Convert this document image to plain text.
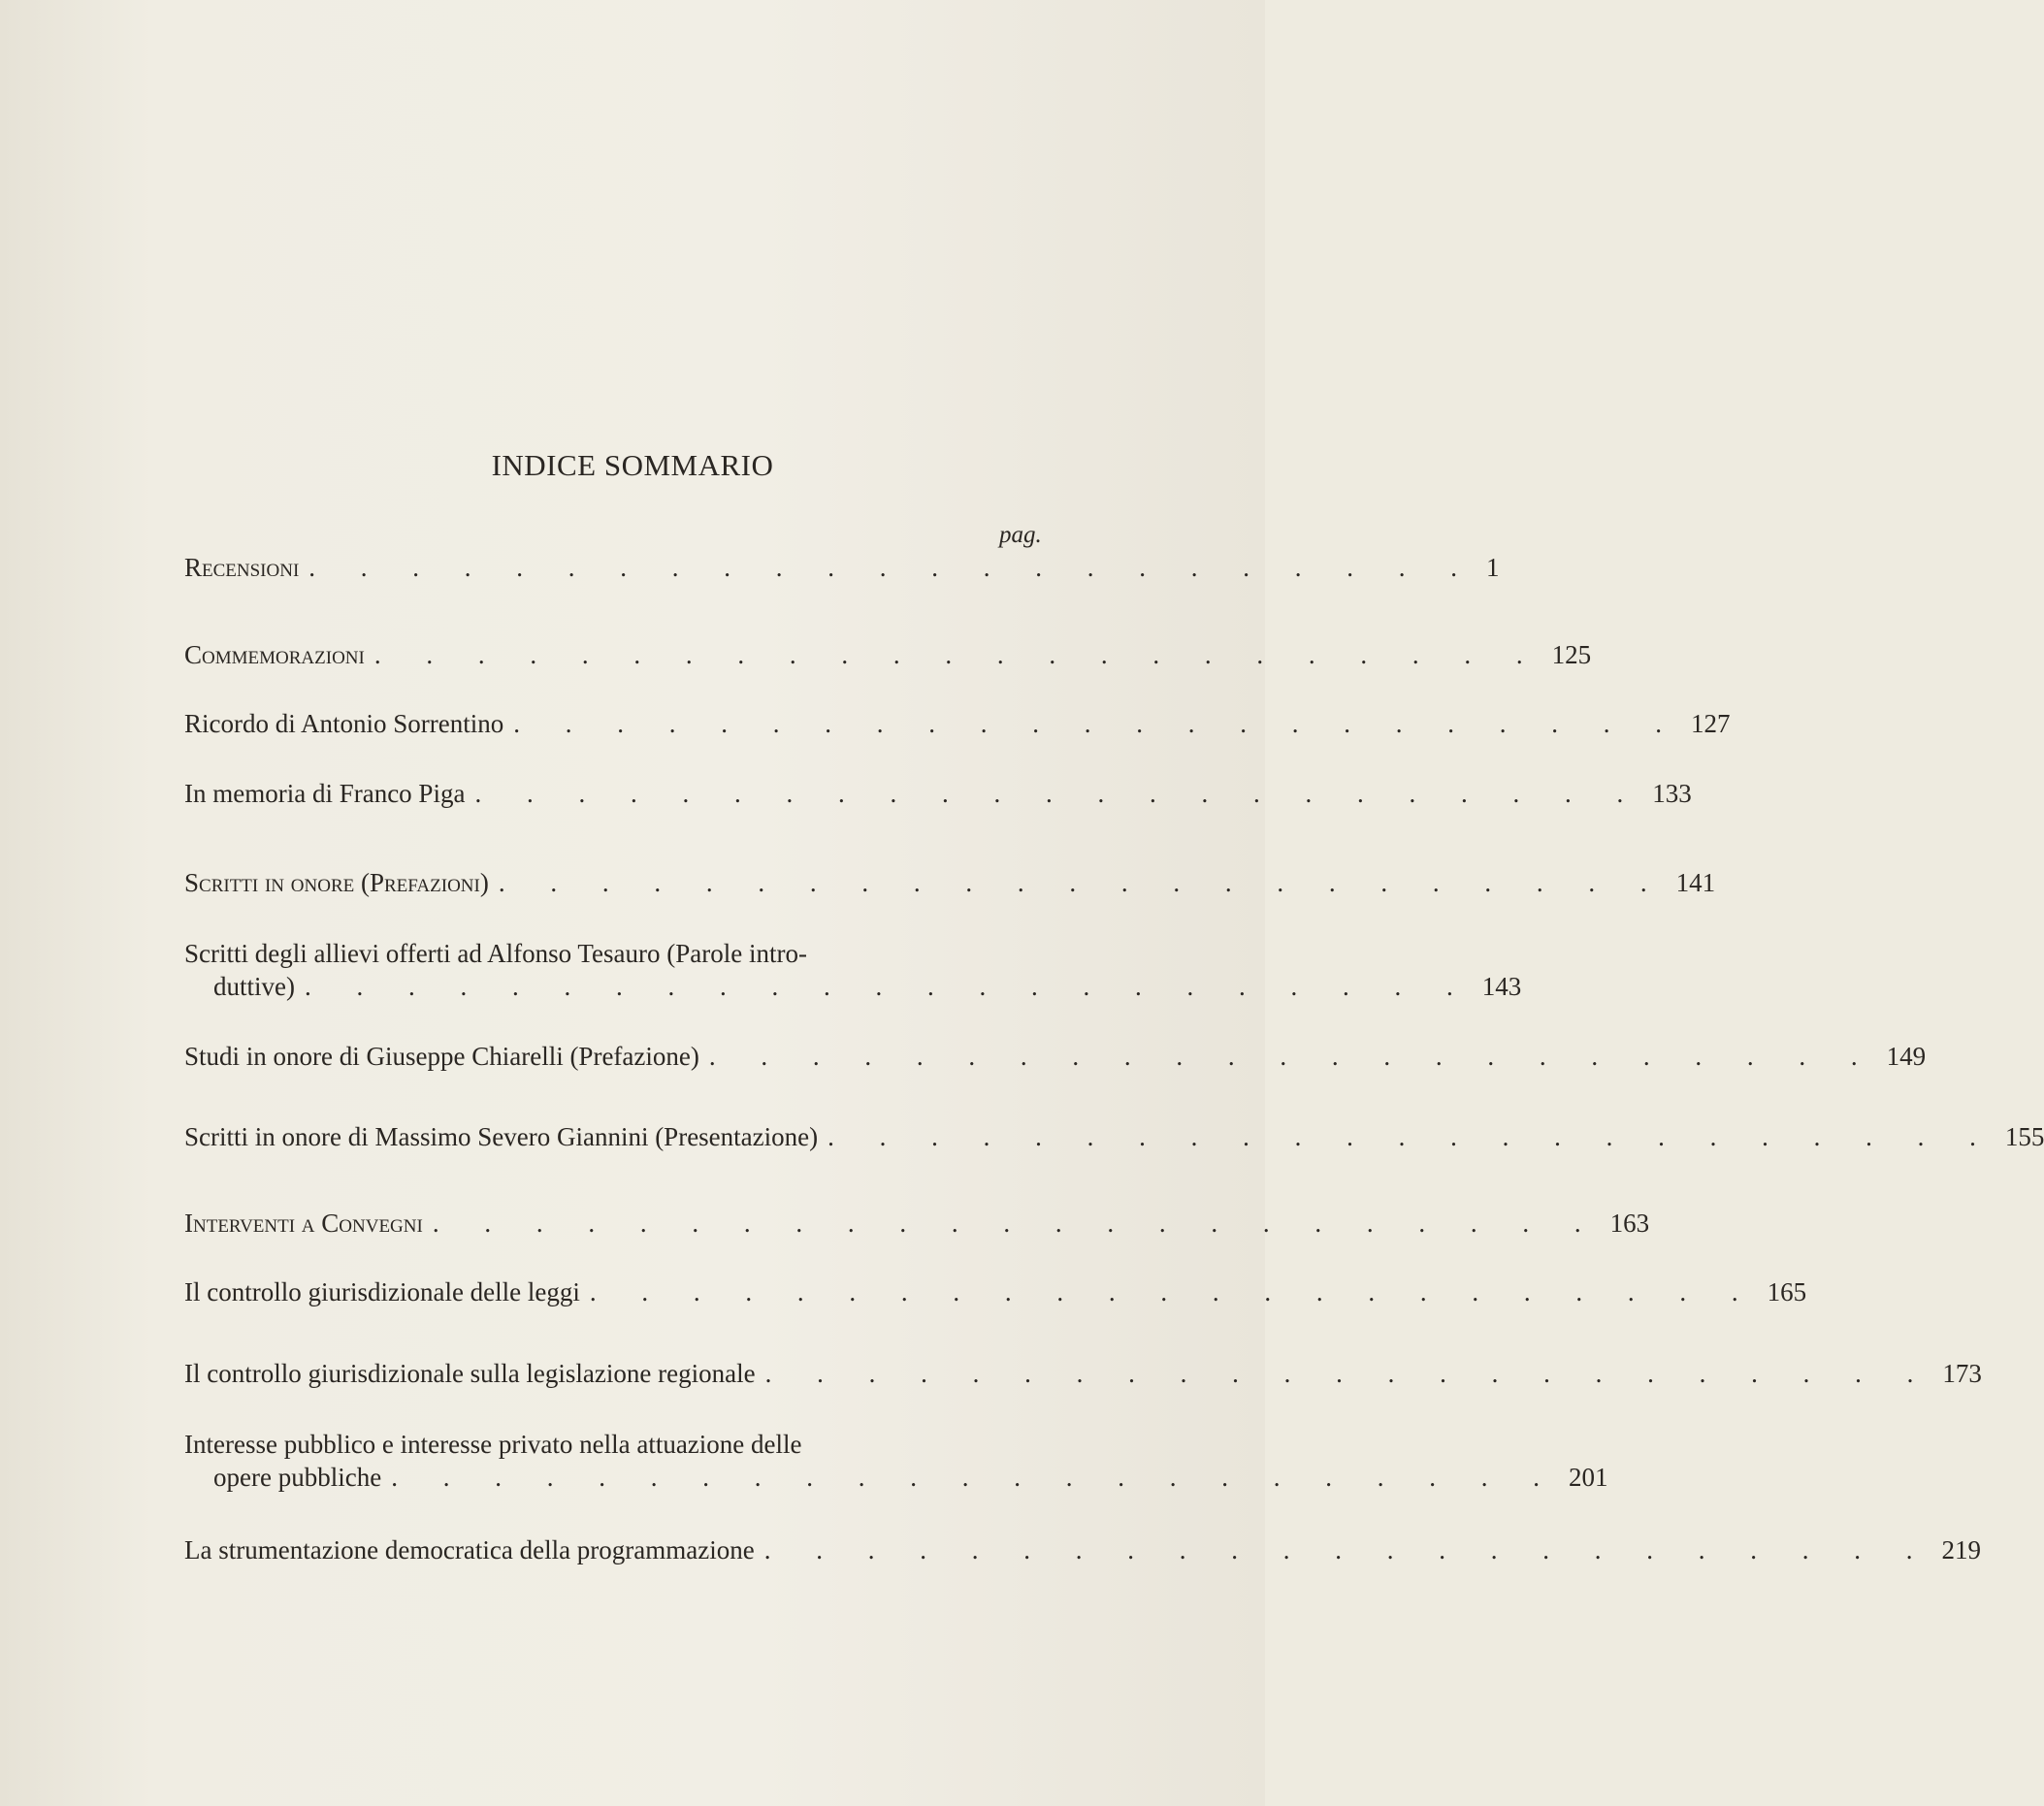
INDICE SOMMARIO
pag.
Recensioni . . . . . . . . . . . . . . . . . . . . . . . 1
Commemorazioni . . . . . . . . . . . . . . . . . . . . . . . 125
Ricordo di Antonio Sorrentino . . . . . . . . . . . . . . . . . . . . . . . 127
In memoria di Franco Piga . . . . . . . . . . . . . . . . . . . . . . . 133
Scritti in onore (Prefazioni) . . . . . . . . . . . . . . . . . . . . . . . 141
Scritti degli allievi offerti ad Alfonso Tesauro (Parole intro-
duttive) . . . . . . . . . . . . . . . . . . . . . . . 143
Studi in onore di Giuseppe Chiarelli (Prefazione) . . . . . . . . . . . . . . . . . . . . . . . 149
Scritti in onore di Massimo Severo Giannini (Presentazione) . . . . . . . . . . . . . . . . . . . . . . . 155
Interventi a Convegni . . . . . . . . . . . . . . . . . . . . . . . 163
Il controllo giurisdizionale delle leggi . . . . . . . . . . . . . . . . . . . . . . . 165
Il controllo giurisdizionale sulla legislazione regionale . . . . . . . . . . . . . . . . . . . . . . . 173
Interesse pubblico e interesse privato nella attuazione delle
opere pubbliche . . . . . . . . . . . . . . . . . . . . . . . 201
La strumentazione democratica della programmazione . . . . . . . . . . . . . . . . . . . . . . . 219
